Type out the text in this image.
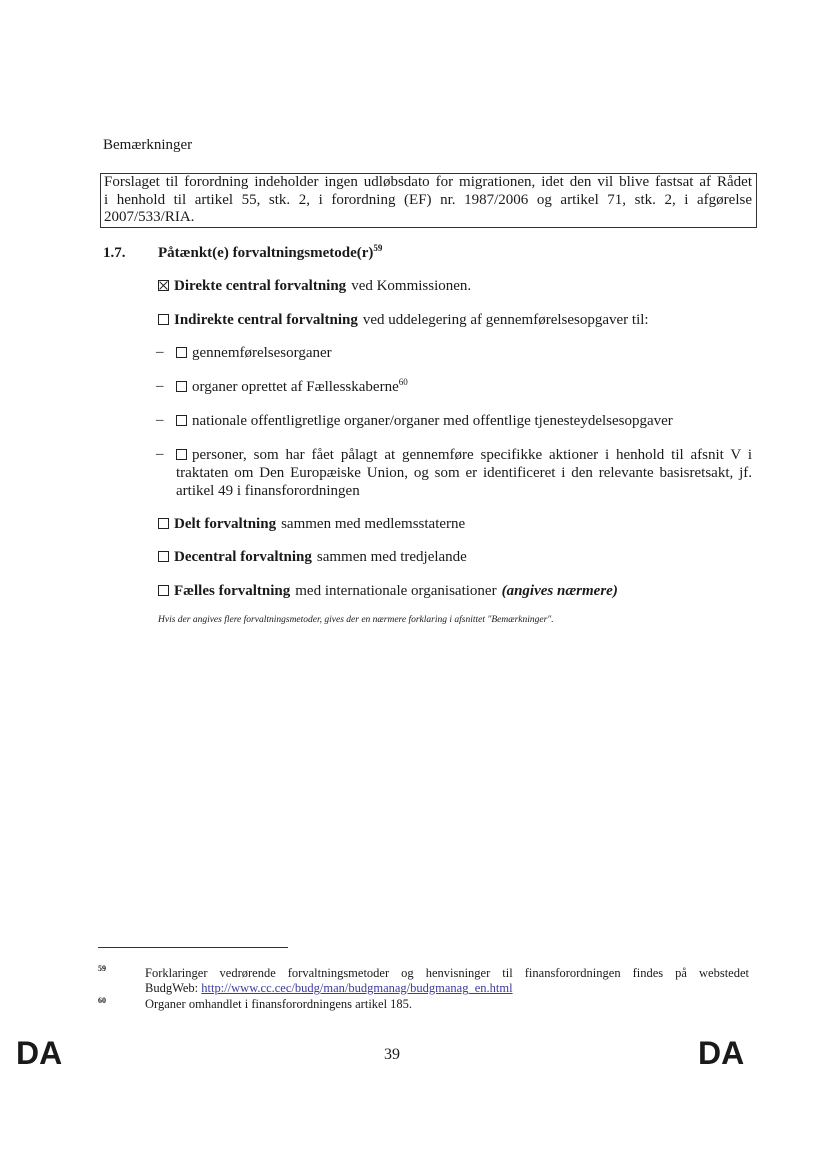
Bemærkninger
Forslaget til forordning indeholder ingen udløbsdato for migrationen, idet den vil blive fastsat af Rådet
i henhold til artikel 55, stk. 2, i forordning (EF) nr. 1987/2006 og artikel 71, stk. 2, i afgørelse
2007/533/RIA.
1.7. Påtænkt(e) $forvaltningsmetode(r)^{59}$
Direkte central forvaltning ved Kommissionen.
Indirekte central forvaltning ved uddelegering af gennemførelsesopgaver til:
–	gennemførelsesorganer
–	organer oprettet af Fællesskaberne$^{60}$
–	nationale offentligretlige organer/organer med offentlige tjenesteydelsesopgaver
–	personer, som har fået pålagt at gennemføre specifikke aktioner i henhold til afsnit V i
traktaten om Den Europæiske Union, og som er identificeret i den relevante basisretsakt, jf.
artikel 49 i finansforordningen
Delt forvaltning sammen med medlemsstaterne
Decentral forvaltning sammen med tredjelande
Fælles forvaltning med internationale organisationer (angives nærmere)
Hvis der angives flere forvaltningsmetoder, gives der en nærmere forklaring i afsnittet "Bemærkninger".
59	Forklaringer vedrørende forvaltningsmetoder og henvisninger til finansforordningen findes på webstedet
BudgWeb: http://www.cc.cec/budg/man/budgmanag/budgmanag_en.html
60	Organer omhandlet i finansforordningens artikel 185.
DA	39	DA
